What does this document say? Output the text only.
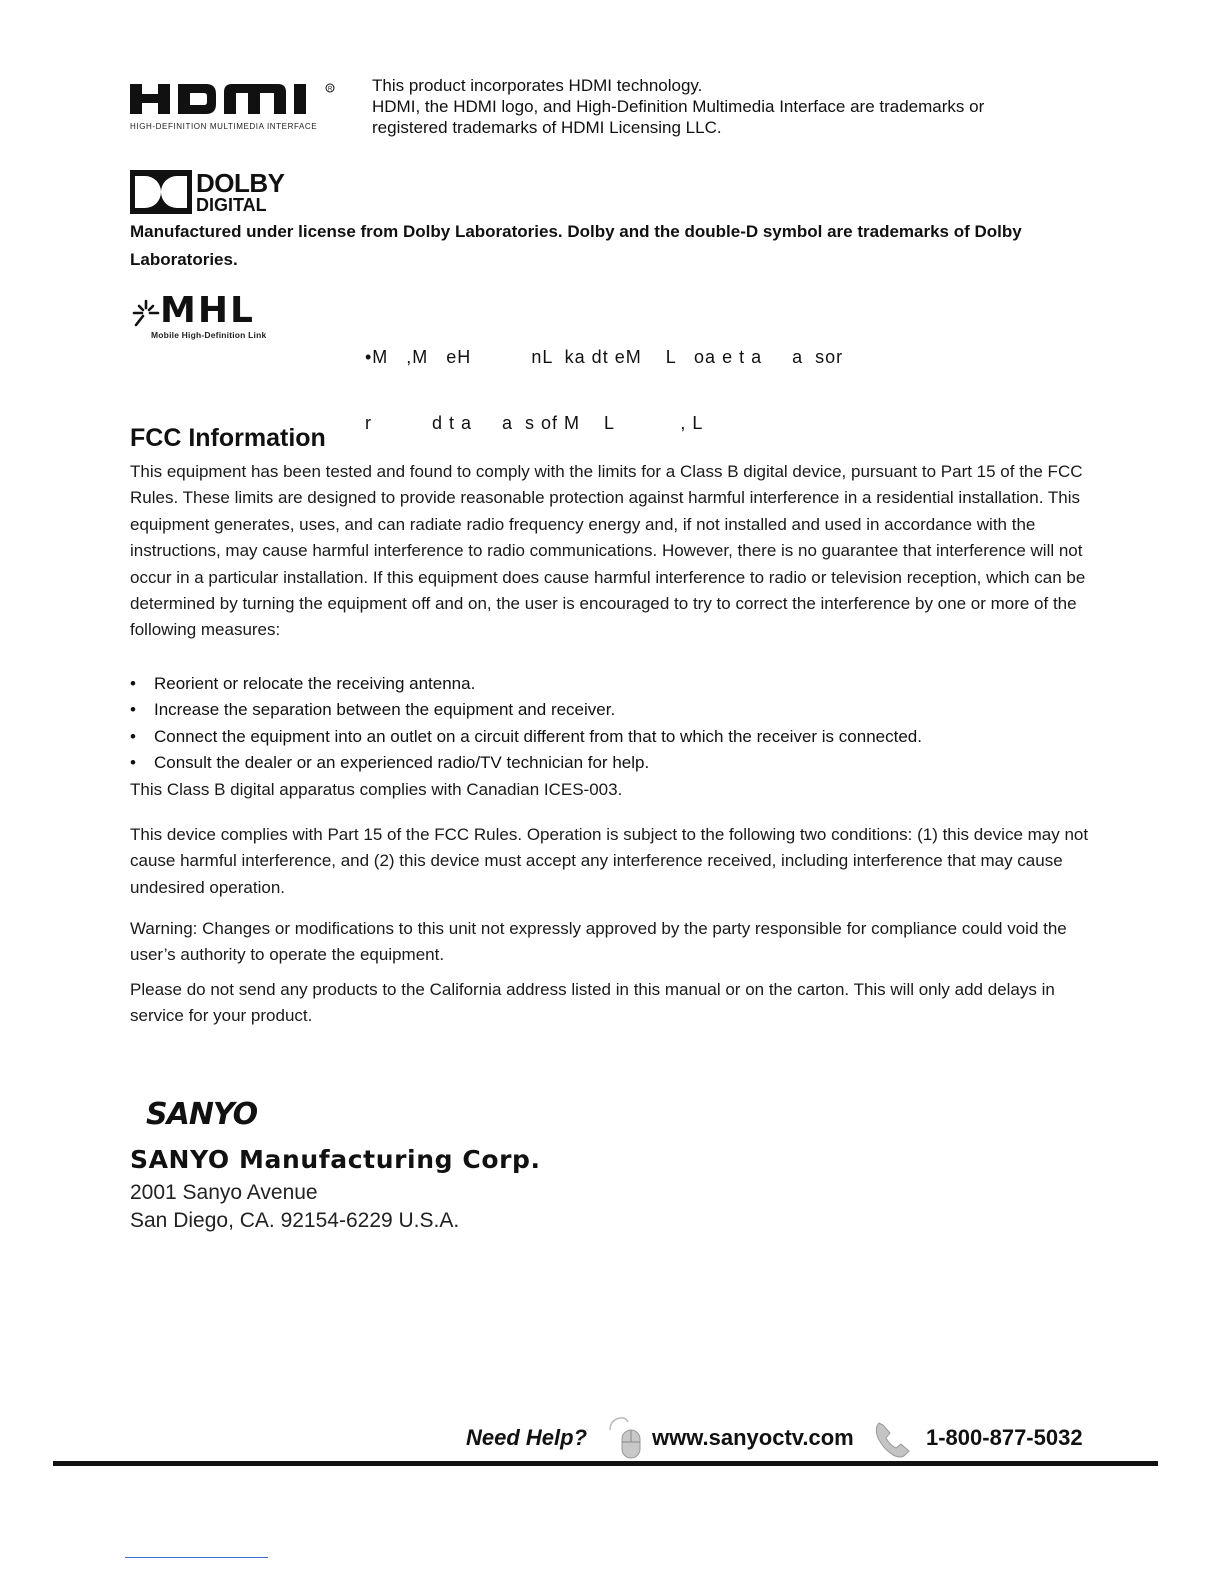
R
HIGH-DEFINITION MULTIMEDIA INTERFACE
This product incorporates HDMI technology.
HDMI, the HDMI logo, and High-Definition Multimedia Interface are trademarks or
registered trademarks of HDMI Licensing LLC.
DOLBY
DIGITAL
Manufactured under license from Dolby Laboratories. Dolby and the double-D symbol are trademarks of Dolby Laboratories.
MHL
Mobile High-Definition Link

•M   ,M   eH          nL  ka dt eM    L   oa e t a     a  sor

r          d t a     a  s of M    L           , L

FCC Information
This equipment has been tested and found to comply with the limits for a Class B digital device, pursuant to Part 15 of the FCC Rules. These limits are designed to provide reasonable protection against harmful interference in a residential installation. This equipment generates, uses, and can radiate radio frequency energy and, if not installed and used in accordance with the instructions, may cause harmful interference to radio communications. However, there is no guarantee that interference will not occur in a particular installation. If this equipment does cause harmful interference to radio or television reception, which can be determined by turning the equipment off and on, the user is encouraged to try to correct the interference by one or more of the following measures:
• Reorient or relocate the receiving antenna.
• Increase the separation between the equipment and receiver.
• Connect the equipment into an outlet on a circuit different from that to which the receiver is connected.
• Consult the dealer or an experienced radio/TV technician for help.
This Class B digital apparatus complies with Canadian ICES-003.
This device complies with Part 15 of the FCC Rules. Operation is subject to the following two conditions: (1) this device may not cause harmful interference, and (2) this device must accept any interference received, including interference that may cause undesired operation.
Warning: Changes or modifications to this unit not expressly approved by the party responsible for compliance could void the user’s authority to operate the equipment.
Please do not send any products to the California address listed in this manual or on the carton. This will only add delays in service for your product.
SANYO
SANYO Manufacturing Corp.
2001 Sanyo Avenue
San Diego, CA. 92154-6229 U.S.A.
Need Help?	www.sanyoctv.com	1-800-877-5032
